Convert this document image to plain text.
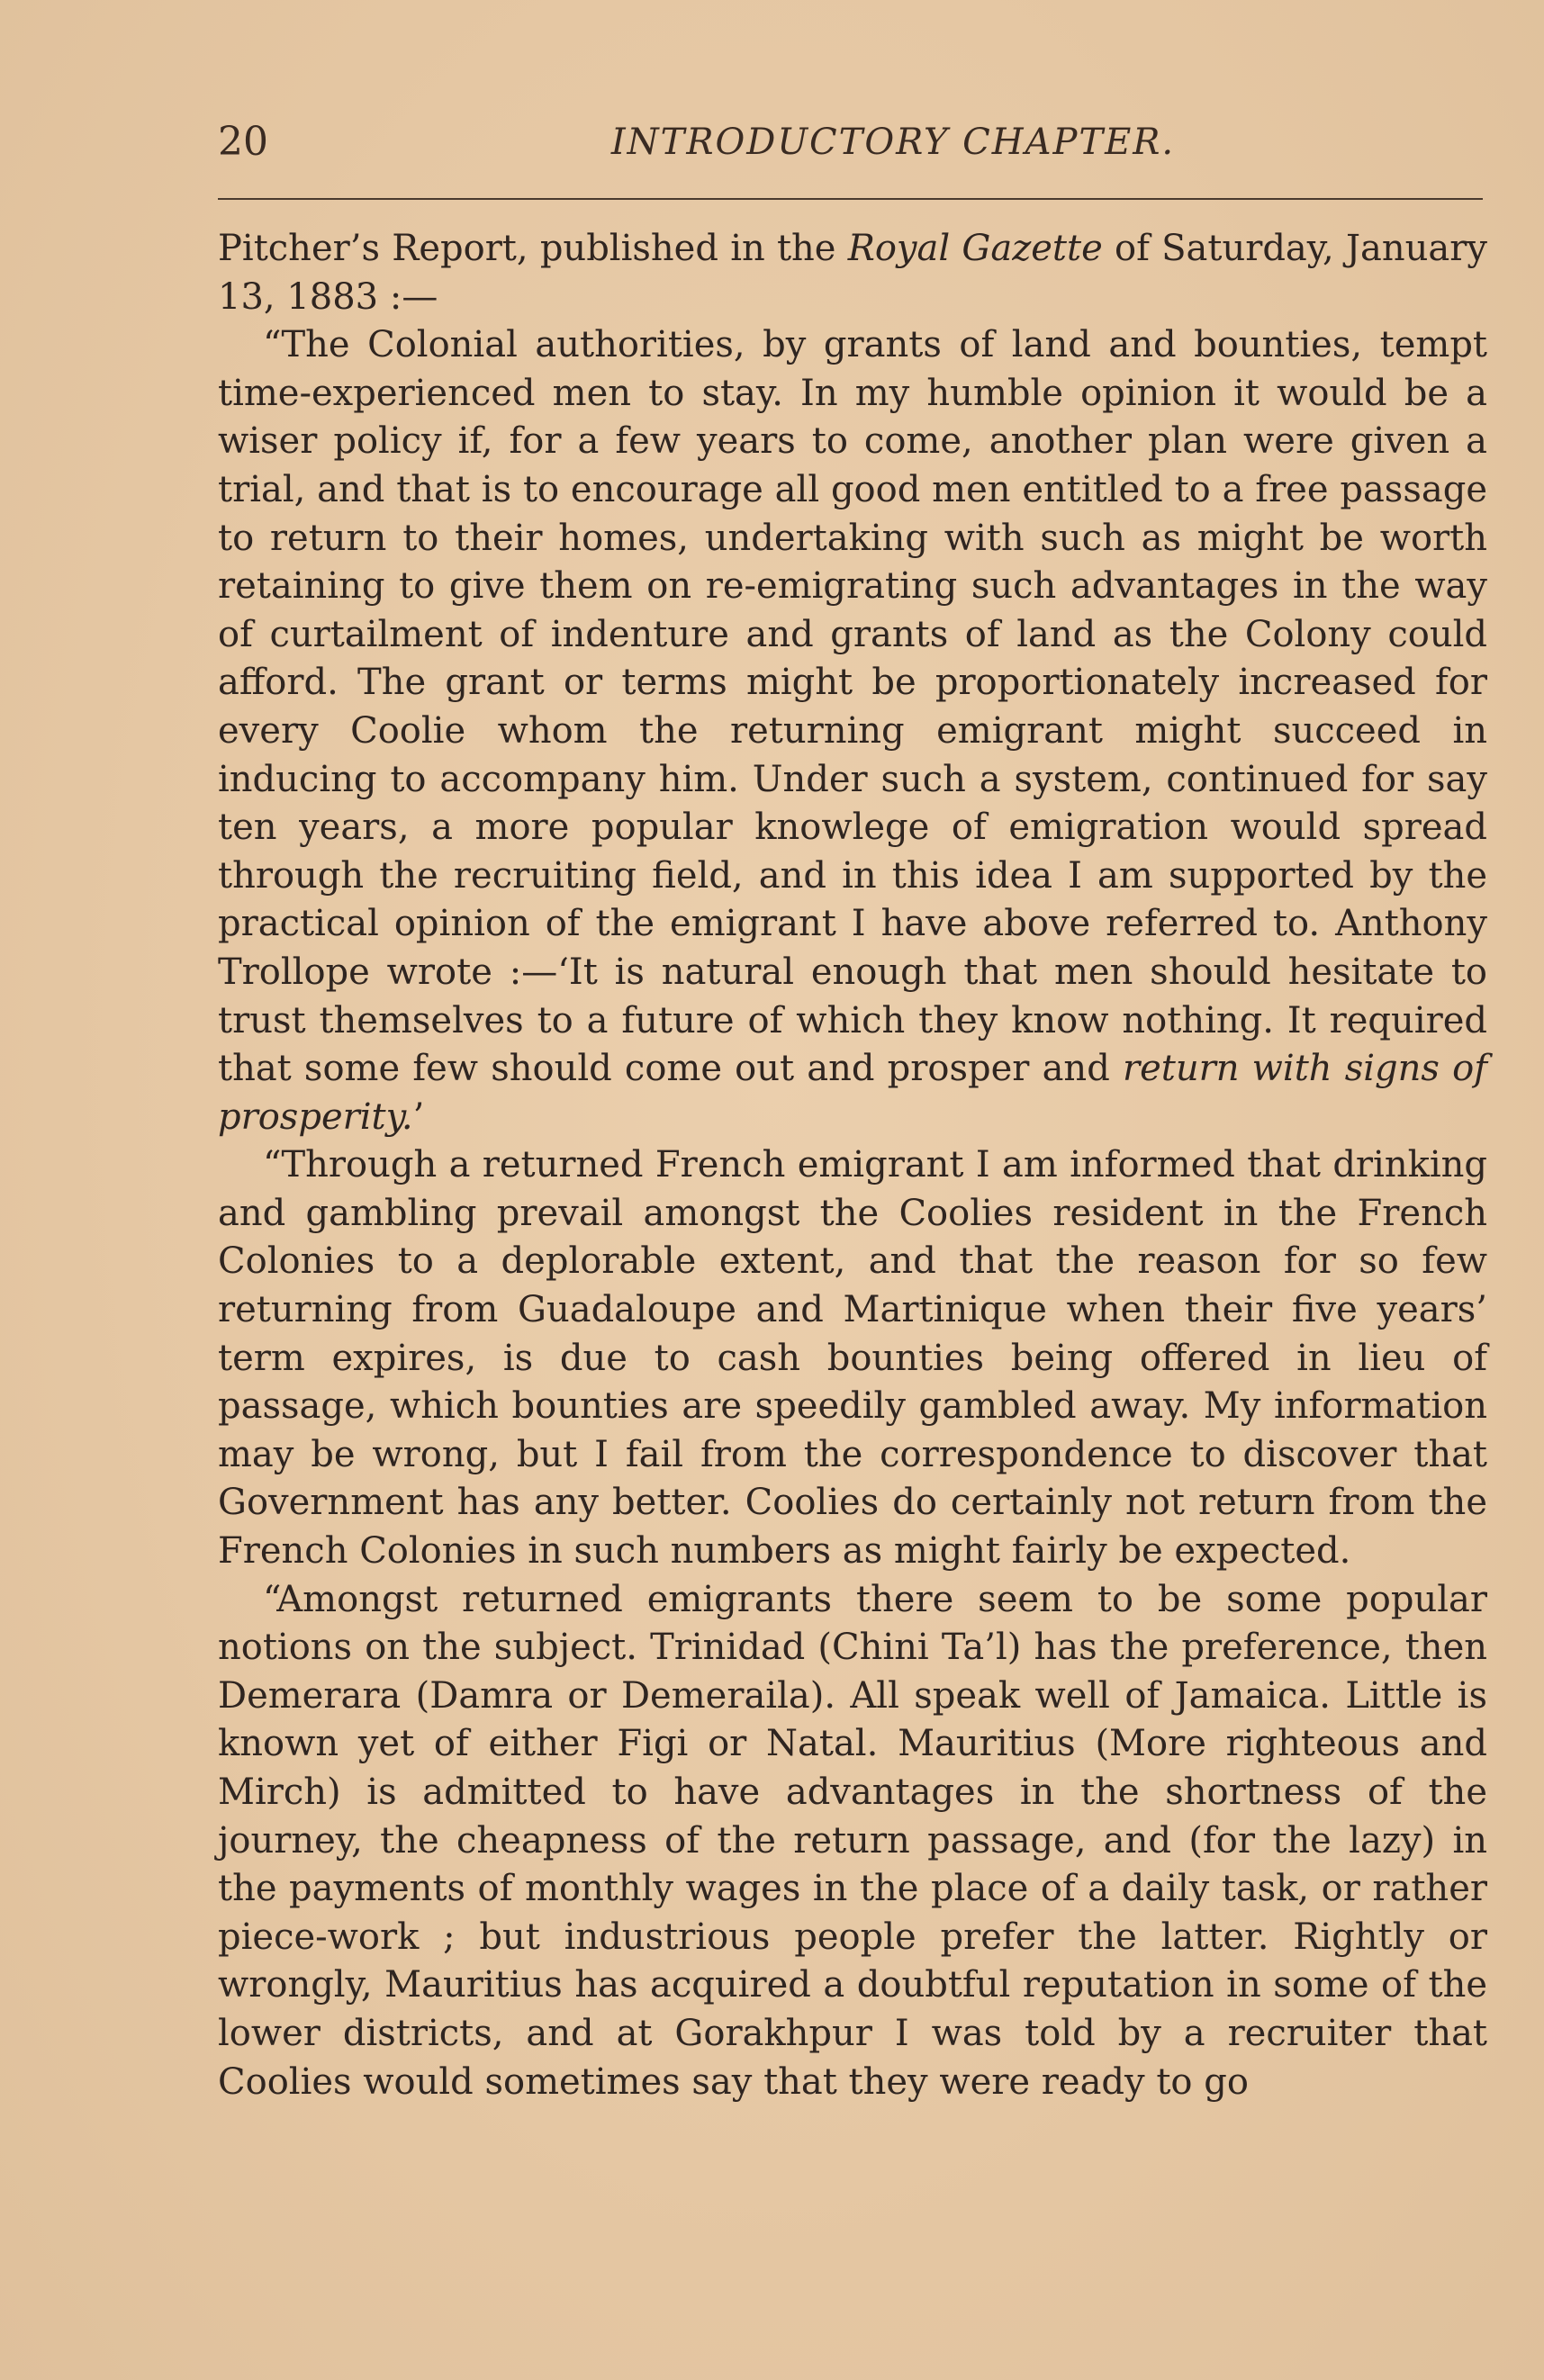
20	INTRODUCTORY CHAPTER.

Pitcher’s Report, published in the Royal Gazette of Saturday, January 13, 1883 :—

“The Colonial authorities, by grants of land and bounties, tempt time-experienced men to stay. In my humble opinion it would be a wiser policy if, for a few years to come, another plan were given a trial, and that is to encourage all good men entitled to a free passage to return to their homes, undertaking with such as might be worth retaining to give them on re-emigrating such advantages in the way of curtailment of indenture and grants of land as the Colony could afford. The grant or terms might be proportionately increased for every Coolie whom the returning emigrant might succeed in inducing to accompany him. Under such a system, continued for say ten years, a more popular knowlege of emigration would spread through the recruiting field, and in this idea I am supported by the practical opinion of the emigrant I have above referred to. Anthony Trollope wrote :—‘It is natural enough that men should hesitate to trust themselves to a future of which they know nothing. It required that some few should come out and prosper and return with signs of prosperity.’

“Through a returned French emigrant I am informed that drinking and gambling prevail amongst the Coolies resident in the French Colonies to a deplorable extent, and that the reason for so few returning from Guadaloupe and Martinique when their five years’ term expires, is due to cash bounties being offered in lieu of passage, which bounties are speedily gambled away. My information may be wrong, but I fail from the correspondence to discover that Government has any better. Coolies do certainly not return from the French Colonies in such numbers as might fairly be expected.

“Amongst returned emigrants there seem to be some popular notions on the subject. Trinidad (Chini Ta’l) has the preference, then Demerara (Damra or Demeraila). All speak well of Jamaica. Little is known yet of either Figi or Natal. Mauritius (More righteous and Mirch) is admitted to have advantages in the shortness of the journey, the cheapness of the return passage, and (for the lazy) in the payments of monthly wages in the place of a daily task, or rather piece-work ; but industrious people prefer the latter. Rightly or wrongly, Mauritius has acquired a doubtful reputation in some of the lower districts, and at Gorakhpur I was told by a recruiter that Coolies would sometimes say that they were ready to go
